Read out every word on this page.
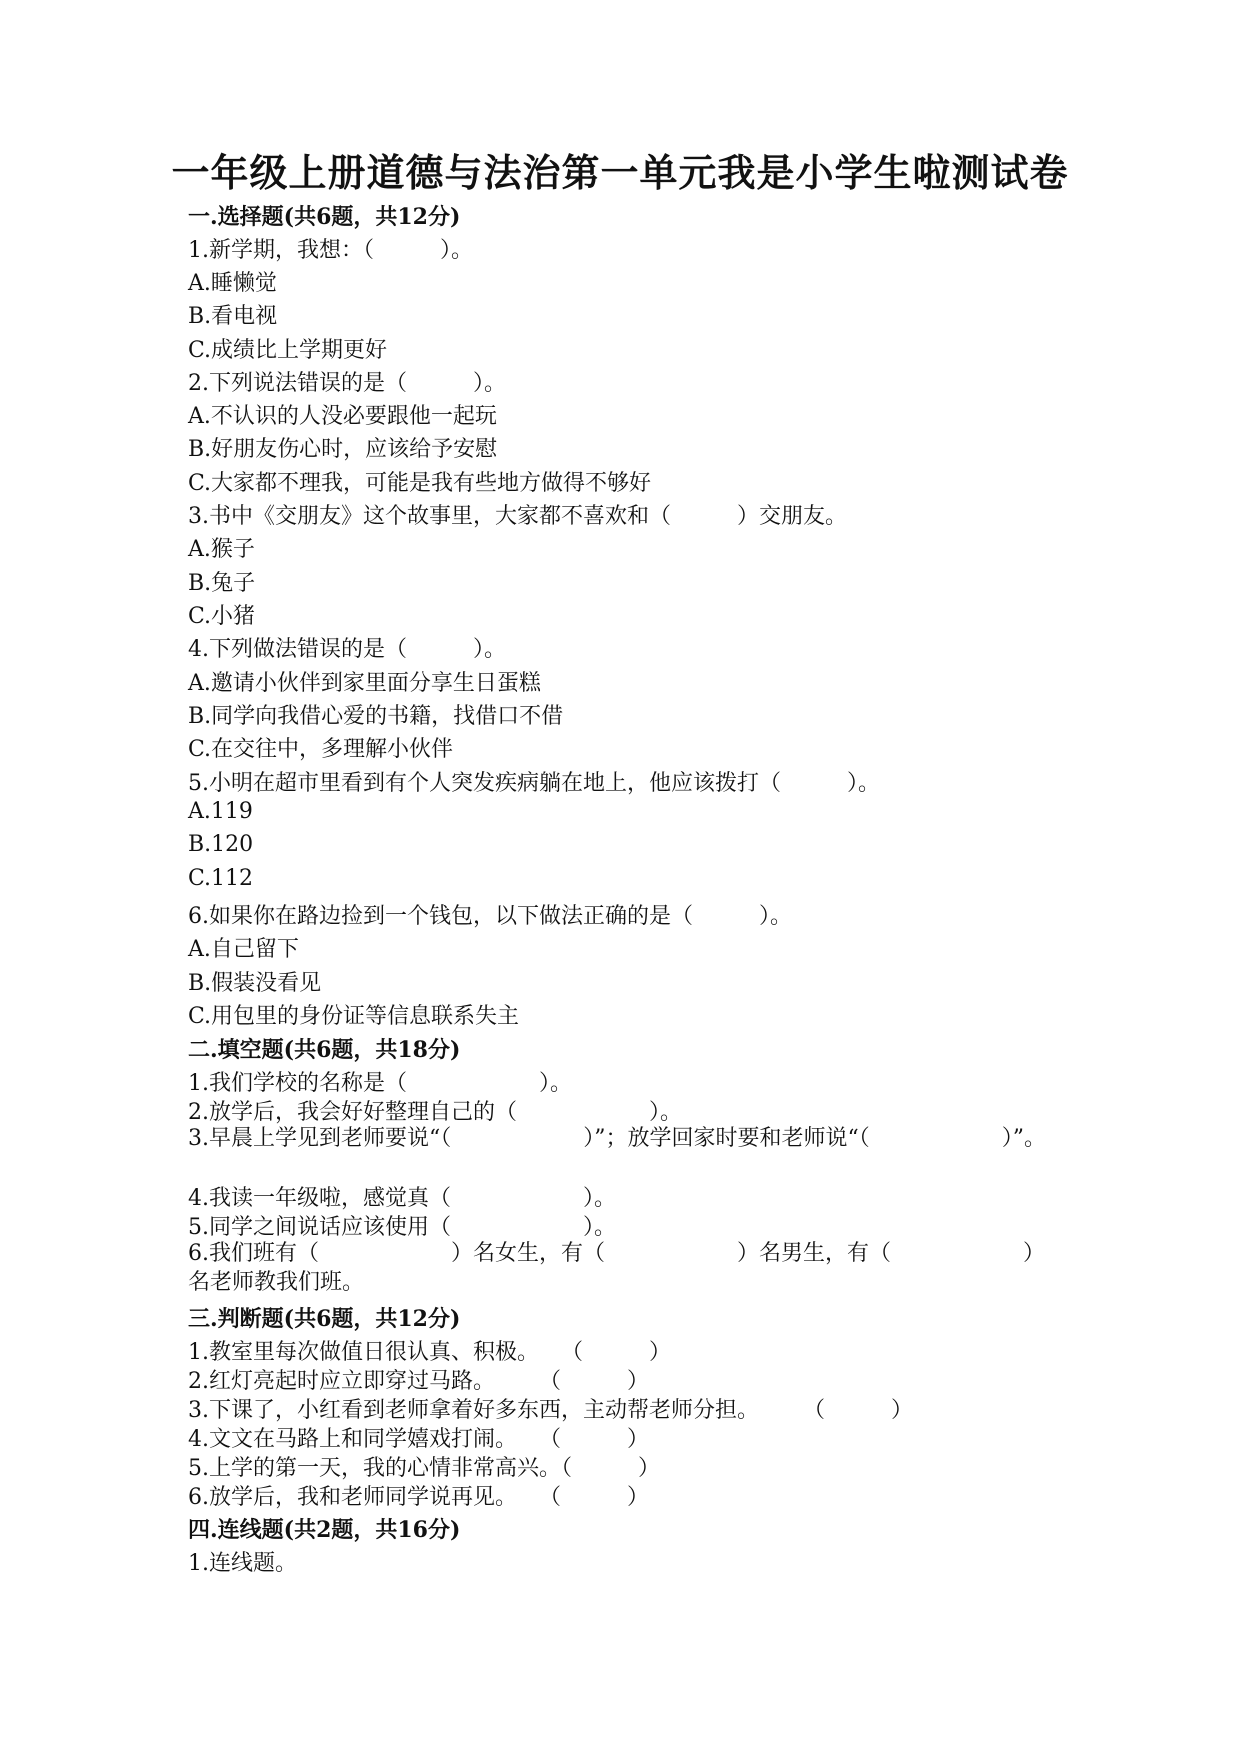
一年级上册道德与法治第一单元我是小学生啦测试卷
一.选择题(共6题，共12分)
1.新学期，我想：（　　　）。
A.睡懒觉
B.看电视
C.成绩比上学期更好
2.下列说法错误的是（　　　）。
A.不认识的人没必要跟他一起玩
B.好朋友伤心时，应该给予安慰
C.大家都不理我，可能是我有些地方做得不够好
3.书中《交朋友》这个故事里，大家都不喜欢和（　　　）交朋友。
A.猴子
B.兔子
C.小猪
4.下列做法错误的是（　　　）。
A.邀请小伙伴到家里面分享生日蛋糕
B.同学向我借心爱的书籍，找借口不借
C.在交往中，多理解小伙伴
5.小明在超市里看到有个人突发疾病躺在地上，他应该拨打（　　　）。
A.119
B.120
C.112
6.如果你在路边捡到一个钱包，以下做法正确的是（　　　）。
A.自己留下
B.假装没看见
C.用包里的身份证等信息联系失主
二.填空题(共6题，共18分)
1.我们学校的名称是（　　　　　　）。
2.放学后，我会好好整理自己的（　　　　　　）。
3.早晨上学见到老师要说“（　　　　　　）”；放学回家时要和老师说“（　　　　　　）”。
4.我读一年级啦，感觉真（　　　　　　）。
5.同学之间说话应该使用（　　　　　　）。
6.我们班有（　　　　　　）名女生，有（　　　　　　）名男生，有（　　　　　　）名老师教我们班。
三.判断题(共6题，共12分)
1.教室里每次做值日很认真、积极。　　（　　　）
2.红灯亮起时应立即穿过马路。　　　（　　　）
3.下课了，小红看到老师拿着好多东西，主动帮老师分担。　　　（　　　）
4.文文在马路上和同学嬉戏打闹。　　（　　　）
5.上学的第一天，我的心情非常高兴。（　　　）
6.放学后，我和老师同学说再见。　　（　　　）
四.连线题(共2题，共16分)
1.连线题。
